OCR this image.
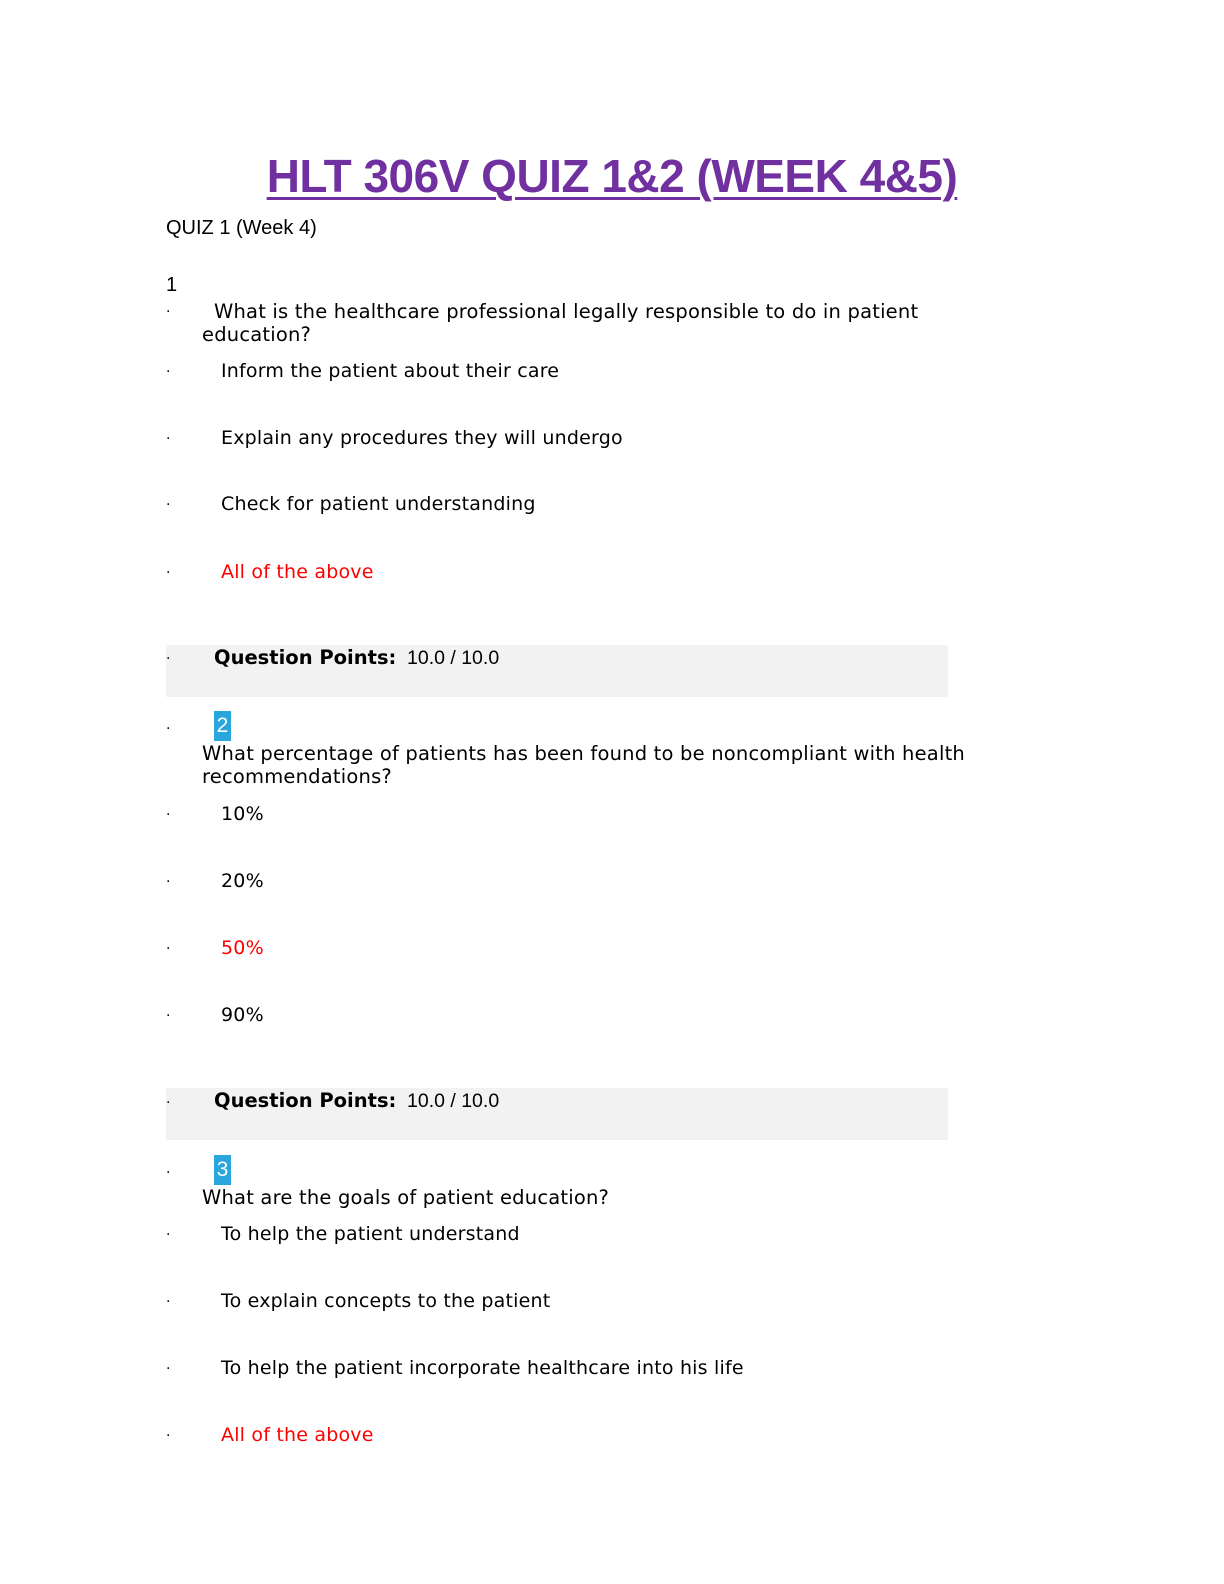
HLT 306V QUIZ 1&2 (WEEK 4&5)
QUIZ 1 (Week 4)
1
·	What is the healthcare professional legally responsible to do in patient education?
·	Inform the patient about their care
·	Explain any procedures they will undergo
·	Check for patient understanding
·	All of the above
· Question Points: 10.0 / 10.0
· 2
What percentage of patients has been found to be noncompliant with health recommendations?
·	10%
·	20%
·	50%
·	90%
· Question Points: 10.0 / 10.0
· 3
What are the goals of patient education?
·	To help the patient understand
·	To explain concepts to the patient
·	To help the patient incorporate healthcare into his life
·	All of the above
